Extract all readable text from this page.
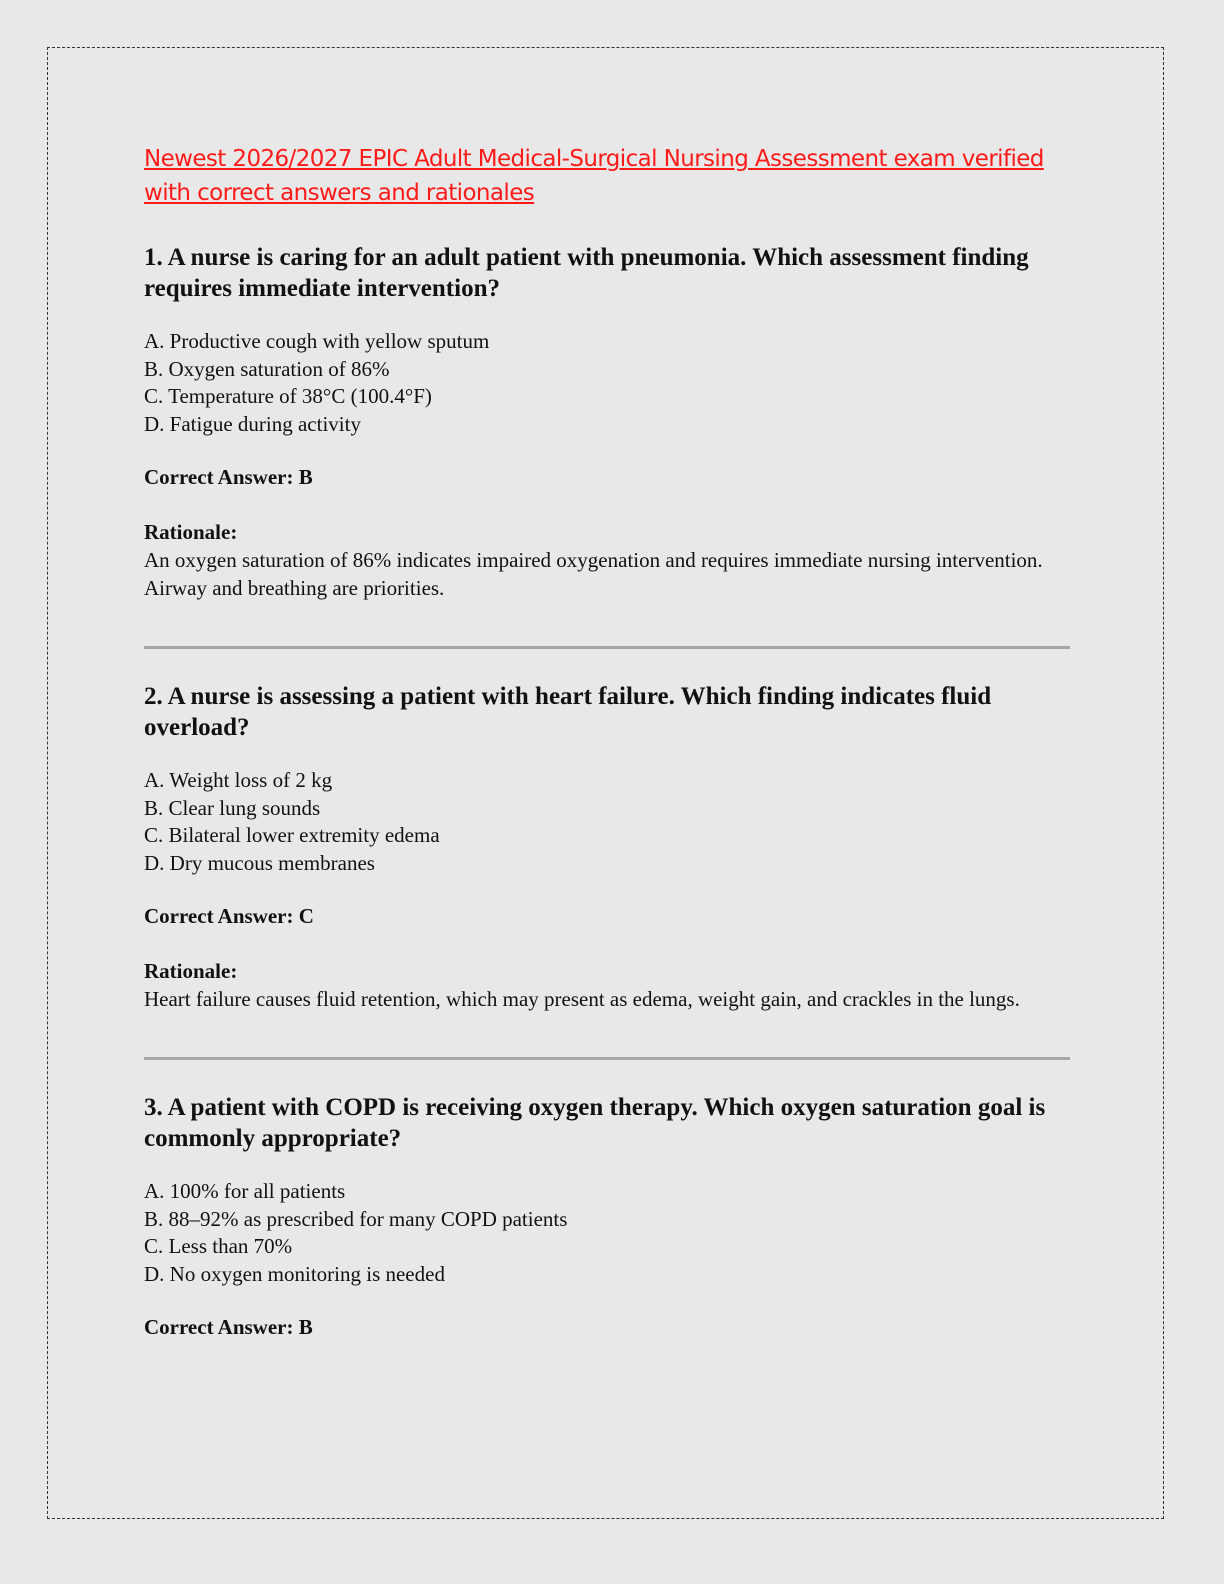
Newest 2026/2027 EPIC Adult Medical-Surgical Nursing Assessment exam verified with correct answers and rationales

1. A nurse is caring for an adult patient with pneumonia. Which assessment finding requires immediate intervention?

A. Productive cough with yellow sputum
B. Oxygen saturation of 86%
C. Temperature of 38°C (100.4°F)
D. Fatigue during activity

Correct Answer: B

Rationale:

An oxygen saturation of 86% indicates impaired oxygenation and requires immediate nursing intervention. Airway and breathing are priorities.

2. A nurse is assessing a patient with heart failure. Which finding indicates fluid overload?

A. Weight loss of 2 kg
B. Clear lung sounds
C. Bilateral lower extremity edema
D. Dry mucous membranes

Correct Answer: C

Rationale:

Heart failure causes fluid retention, which may present as edema, weight gain, and crackles in the lungs.

3. A patient with COPD is receiving oxygen therapy. Which oxygen saturation goal is commonly appropriate?

A. 100% for all patients
B. 88–92% as prescribed for many COPD patients
C. Less than 70%
D. No oxygen monitoring is needed

Correct Answer: B
